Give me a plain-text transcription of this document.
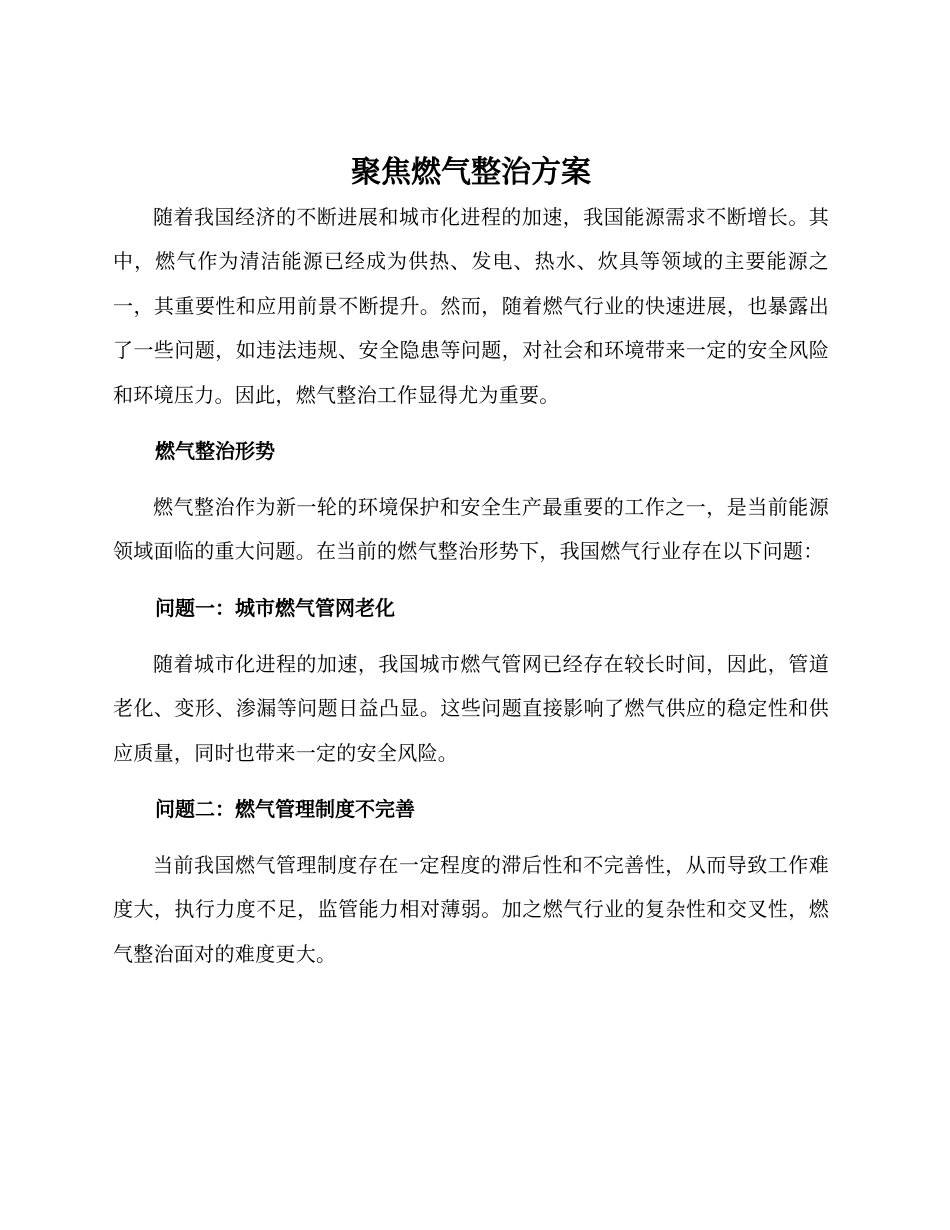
聚焦燃气整治方案

随着我国经济的不断进展和城市化进程的加速，我国能源需求不断增长。其中，燃气作为清洁能源已经成为供热、发电、热水、炊具等领域的主要能源之一，其重要性和应用前景不断提升。然而，随着燃气行业的快速进展，也暴露出了一些问题，如违法违规、安全隐患等问题，对社会和环境带来一定的安全风险和环境压力。因此，燃气整治工作显得尤为重要。

燃气整治形势

燃气整治作为新一轮的环境保护和安全生产最重要的工作之一，是当前能源领域面临的重大问题。在当前的燃气整治形势下，我国燃气行业存在以下问题：

问题一：城市燃气管网老化

随着城市化进程的加速，我国城市燃气管网已经存在较长时间，因此，管道老化、变形、渗漏等问题日益凸显。这些问题直接影响了燃气供应的稳定性和供应质量，同时也带来一定的安全风险。

问题二：燃气管理制度不完善

当前我国燃气管理制度存在一定程度的滞后性和不完善性，从而导致工作难度大，执行力度不足，监管能力相对薄弱。加之燃气行业的复杂性和交叉性，燃气整治面对的难度更大。
